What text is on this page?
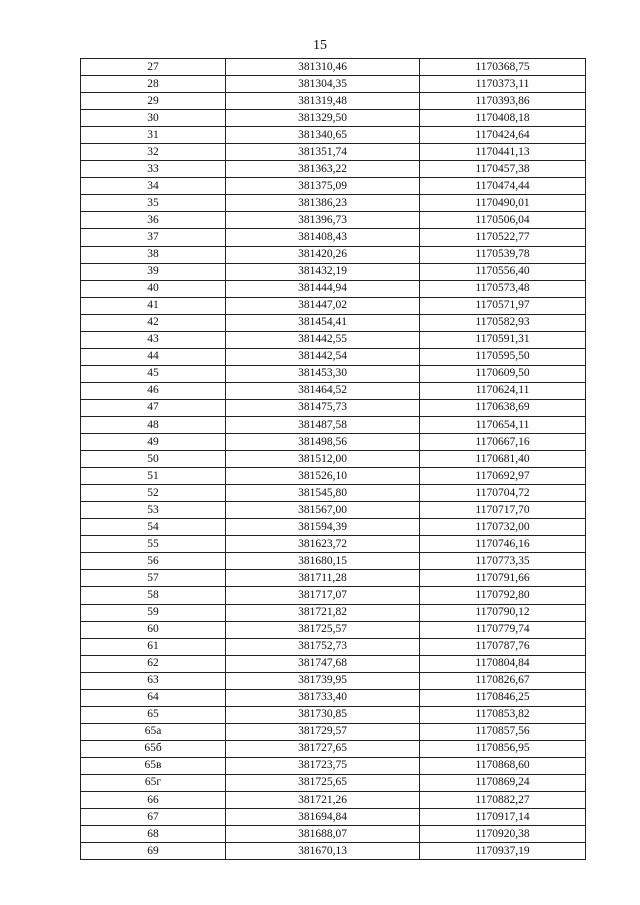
15
27	381310,46	1170368,75
28	381304,35	1170373,11
29	381319,48	1170393,86
30	381329,50	1170408,18
31	381340,65	1170424,64
32	381351,74	1170441,13
33	381363,22	1170457,38
34	381375,09	1170474,44
35	381386,23	1170490,01
36	381396,73	1170506,04
37	381408,43	1170522,77
38	381420,26	1170539,78
39	381432,19	1170556,40
40	381444,94	1170573,48
41	381447,02	1170571,97
42	381454,41	1170582,93
43	381442,55	1170591,31
44	381442,54	1170595,50
45	381453,30	1170609,50
46	381464,52	1170624,11
47	381475,73	1170638,69
48	381487,58	1170654,11
49	381498,56	1170667,16
50	381512,00	1170681,40
51	381526,10	1170692,97
52	381545,80	1170704,72
53	381567,00	1170717,70
54	381594,39	1170732,00
55	381623,72	1170746,16
56	381680,15	1170773,35
57	381711,28	1170791,66
58	381717,07	1170792,80
59	381721,82	1170790,12
60	381725,57	1170779,74
61	381752,73	1170787,76
62	381747,68	1170804,84
63	381739,95	1170826,67
64	381733,40	1170846,25
65	381730,85	1170853,82
65а	381729,57	1170857,56
65б	381727,65	1170856,95
65в	381723,75	1170868,60
65г	381725,65	1170869,24
66	381721,26	1170882,27
67	381694,84	1170917,14
68	381688,07	1170920,38
69	381670,13	1170937,19
